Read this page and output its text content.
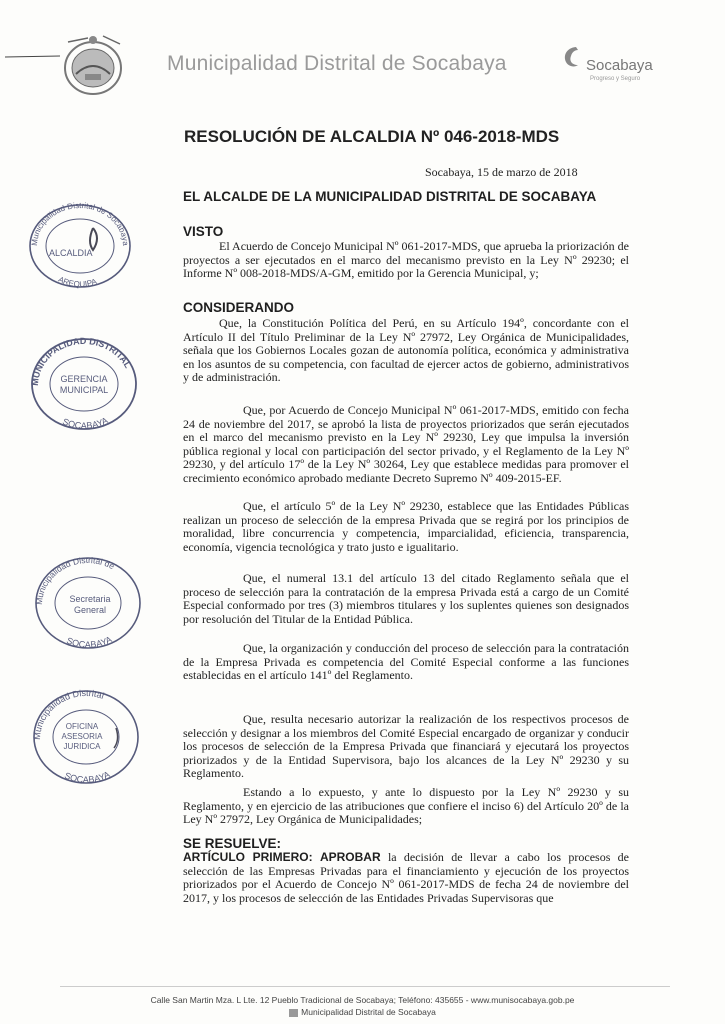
Municipalidad Distrital de Socabaya	Socabaya
Progreso y Seguro
RESOLUCIÓN DE ALCALDIA Nº 046-2018-MDS
Socabaya, 15 de marzo de 2018
EL ALCALDE DE LA MUNICIPALIDAD DISTRITAL DE SOCABAYA
VISTO

El Acuerdo de Concejo Municipal Nº 061-2017-MDS, que aprueba la priorización de proyectos a ser ejecutados en el marco del mecanismo previsto en la Ley Nº 29230; el Informe Nº 008-2018-MDS/A-GM, emitido por la Gerencia Municipal, y;

CONSIDERANDO

Que, la Constitución Política del Perú, en su Artículo 194º, concordante con el Artículo II del Título Preliminar de la Ley Nº 27972, Ley Orgánica de Municipalidades, señala que los Gobiernos Locales gozan de autonomía política, económica y administrativa en los asuntos de su competencia, con facultad de ejercer actos de gobierno, administrativos y de administración.

Que, por Acuerdo de Concejo Municipal Nº 061-2017-MDS, emitido con fecha 24 de noviembre del 2017, se aprobó la lista de proyectos priorizados que serán ejecutados en el marco del mecanismo previsto en la Ley Nº 29230, Ley que impulsa la inversión pública regional y local con participación del sector privado, y el Reglamento de la Ley Nº 29230, y del artículo 17º de la Ley Nº 30264, Ley que establece medidas para promover el crecimiento económico aprobado mediante Decreto Supremo Nº 409-2015-EF.

Que, el artículo 5º de la Ley Nº 29230, establece que las Entidades Públicas realizan un proceso de selección de la empresa Privada que se regirá por los principios de moralidad, libre concurrencia y competencia, imparcialidad, eficiencia, transparencia, economía, vigencia tecnológica y trato justo e igualitario.

Que, el numeral 13.1 del artículo 13 del citado Reglamento señala que el proceso de selección para la contratación de la empresa Privada está a cargo de un Comité Especial conformado por tres (3) miembros titulares y los suplentes quienes son designados por resolución del Titular de la Entidad Pública.

Que, la organización y conducción del proceso de selección para la contratación de la Empresa Privada es competencia del Comité Especial conforme a las funciones establecidas en el artículo 141º del Reglamento.

Que, resulta necesario autorizar la realización de los respectivos procesos de selección y designar a los miembros del Comité Especial encargado de organizar y conducir los procesos de selección de la Empresa Privada que financiará y ejecutará los proyectos priorizados y de la Entidad Supervisora, bajo los alcances de la Ley Nº 29230 y su Reglamento.

Estando a lo expuesto, y ante lo dispuesto por la Ley Nº 29230 y su Reglamento, y en ejercicio de las atribuciones que confiere el inciso 6) del Artículo 20º de la Ley Nº 27972, Ley Orgánica de Municipalidades;

SE RESUELVE:

ARTÍCULO PRIMERO: APROBAR la decisión de llevar a cabo los procesos de selección de las Empresas Privadas para el financiamiento y ejecución de los proyectos priorizados por el Acuerdo de Concejo Nº 061-2017-MDS de fecha 24 de noviembre del 2017, y los procesos de selección de las Entidades Privadas Supervisoras que

Municipalidad Distrital de Socabaya
ALCALDIA
AREQUIPA
MUNICIPALIDAD DISTRITAL
GERENCIA
MUNICIPAL
SOCABAYA
Municipalidad Distrital de
Secretaria
General
SOCABAYA
Municipalidad Distrital
OFICINA
ASESORIA
JURIDICA
SOCABAYA
Calle San Martin Mza. L Lte. 12 Pueblo Tradicional de Socabaya; Teléfono: 435655 - www.munisocabaya.gob.pe
Municipalidad Distrital de Socabaya
